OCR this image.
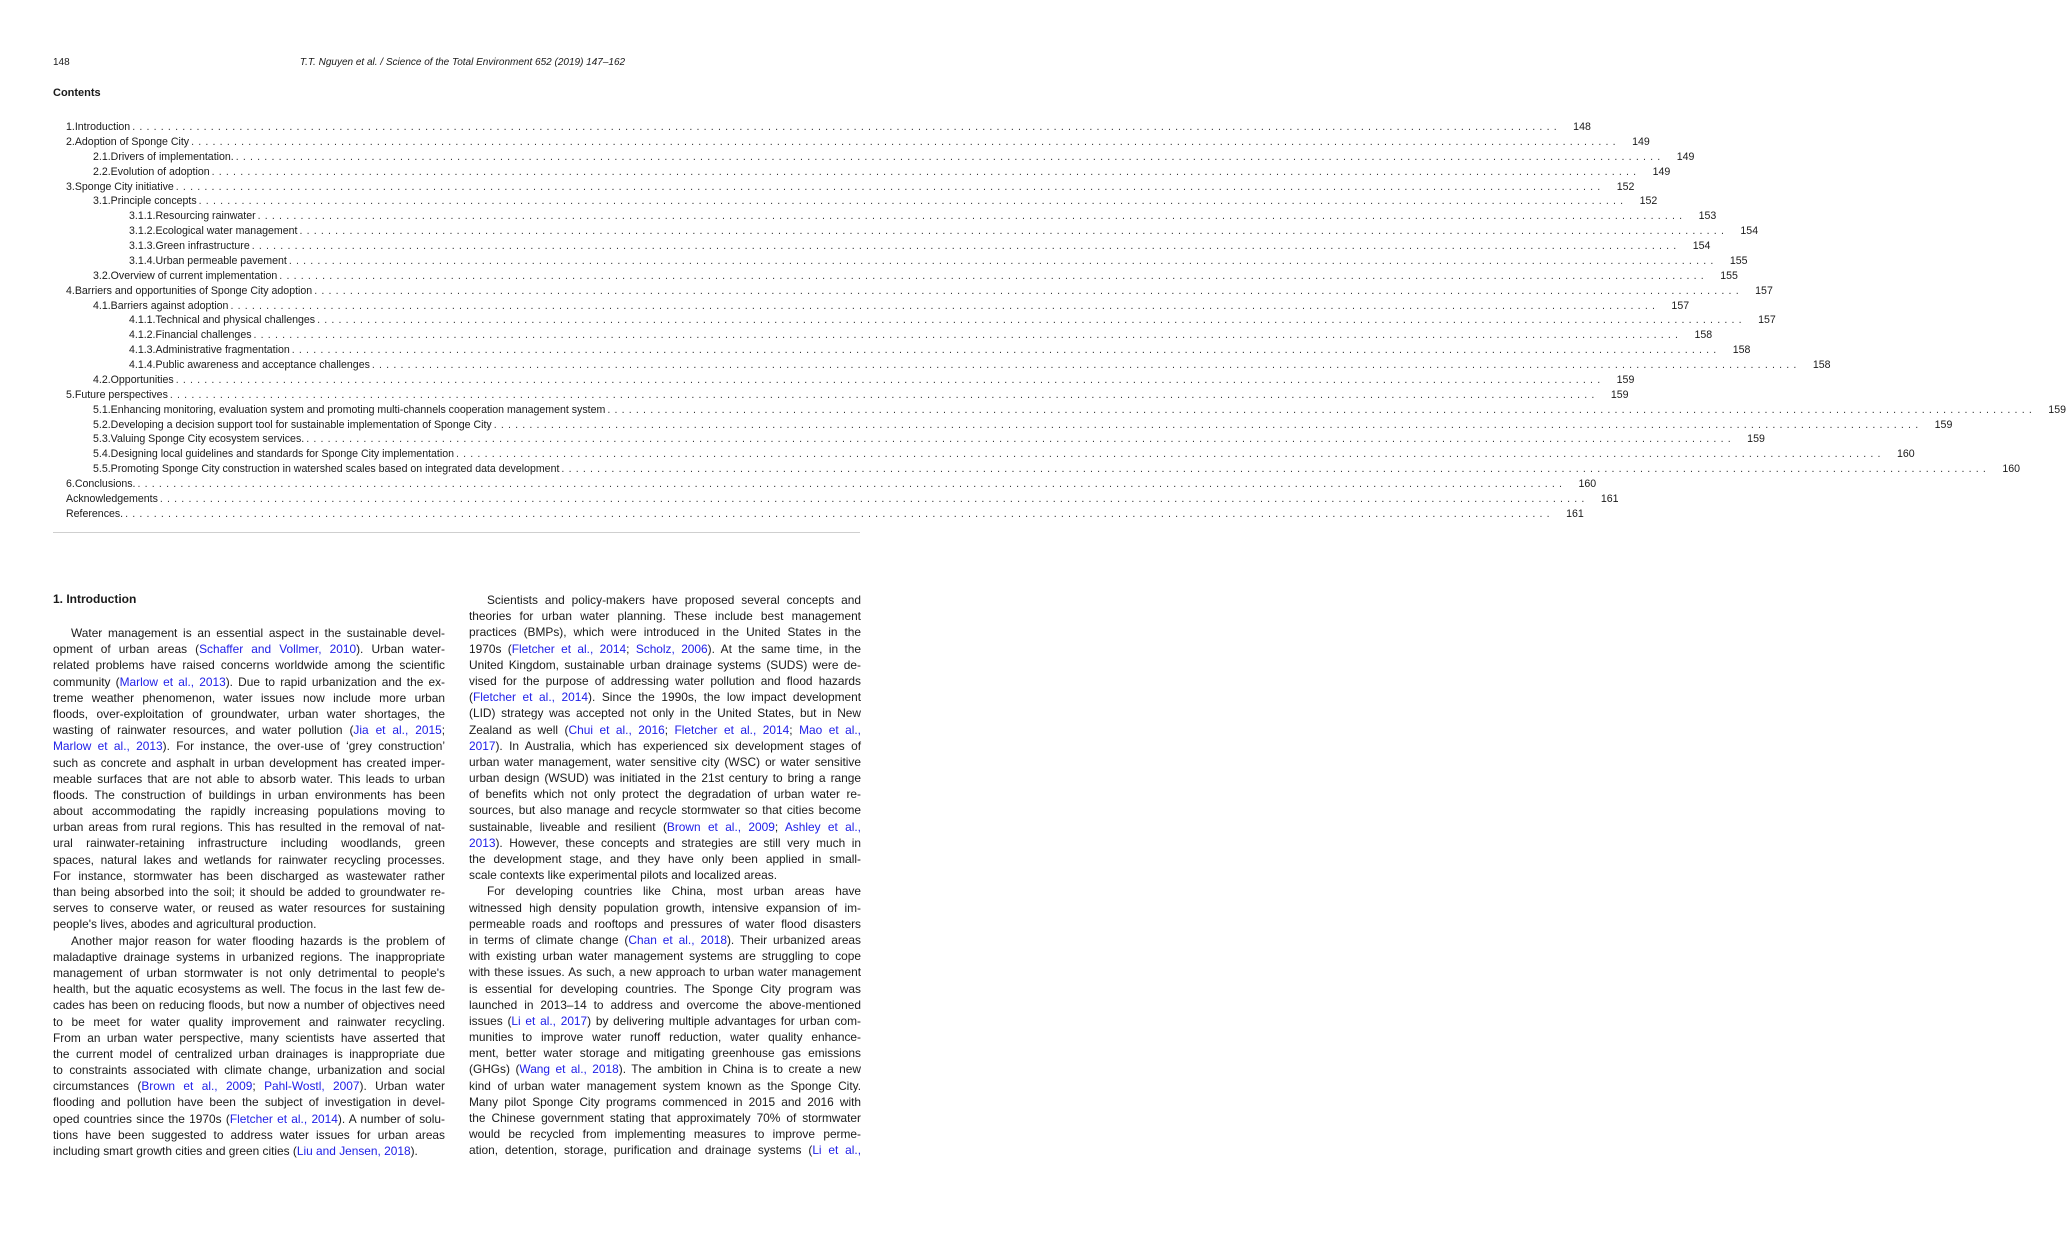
148	T.T. Nguyen et al. / Science of the Total Environment 652 (2019) 147–162
Contents
1. Introduction ........................................................................................................................................................................................................	148
2. Adoption of Sponge City ........................................................................................................................................................................................................	149
2.1. Drivers of implementation. ........................................................................................................................................................................................................	149
2.2. Evolution of adoption ........................................................................................................................................................................................................	149
3. Sponge City initiative ........................................................................................................................................................................................................	152
3.1. Principle concepts ........................................................................................................................................................................................................	152
3.1.1. Resourcing rainwater ........................................................................................................................................................................................................	153
3.1.2. Ecological water management ........................................................................................................................................................................................................	154
3.1.3. Green infrastructure ........................................................................................................................................................................................................	154
3.1.4. Urban permeable pavement ........................................................................................................................................................................................................	155
3.2. Overview of current implementation ........................................................................................................................................................................................................	155
4. Barriers and opportunities of Sponge City adoption ........................................................................................................................................................................................................	157
4.1. Barriers against adoption ........................................................................................................................................................................................................	157
4.1.1. Technical and physical challenges ........................................................................................................................................................................................................	157
4.1.2. Financial challenges ........................................................................................................................................................................................................	158
4.1.3. Administrative fragmentation ........................................................................................................................................................................................................	158
4.1.4. Public awareness and acceptance challenges ........................................................................................................................................................................................................	158
4.2. Opportunities ........................................................................................................................................................................................................	159
5. Future perspectives ........................................................................................................................................................................................................	159
5.1. Enhancing monitoring, evaluation system and promoting multi-channels cooperation management system ........................................................................................................................................................................................................	159
5.2. Developing a decision support tool for sustainable implementation of Sponge City ........................................................................................................................................................................................................	159
5.3. Valuing Sponge City ecosystem services. ........................................................................................................................................................................................................	159
5.4. Designing local guidelines and standards for Sponge City implementation ........................................................................................................................................................................................................	160
5.5. Promoting Sponge City construction in watershed scales based on integrated data development ........................................................................................................................................................................................................	160
6. Conclusions. ........................................................................................................................................................................................................	160
Acknowledgements ........................................................................................................................................................................................................	161
References. ........................................................................................................................................................................................................	161
1. Introduction
Water management is an essential aspect in the sustainable devel-
opment of urban areas (Schaffer and Vollmer, 2010). Urban water-
related problems have raised concerns worldwide among the scientific
community (Marlow et al., 2013). Due to rapid urbanization and the ex-
treme weather phenomenon, water issues now include more urban
floods, over-exploitation of groundwater, urban water shortages, the
wasting of rainwater resources, and water pollution (Jia et al., 2015;
Marlow et al., 2013). For instance, the over-use of ‘grey construction’
such as concrete and asphalt in urban development has created imper-
meable surfaces that are not able to absorb water. This leads to urban
floods. The construction of buildings in urban environments has been
about accommodating the rapidly increasing populations moving to
urban areas from rural regions. This has resulted in the removal of nat-
ural rainwater-retaining infrastructure including woodlands, green
spaces, natural lakes and wetlands for rainwater recycling processes.
For instance, stormwater has been discharged as wastewater rather
than being absorbed into the soil; it should be added to groundwater re-
serves to conserve water, or reused as water resources for sustaining
people's lives, abodes and agricultural production.
Another major reason for water flooding hazards is the problem of
maladaptive drainage systems in urbanized regions. The inappropriate
management of urban stormwater is not only detrimental to people's
health, but the aquatic ecosystems as well. The focus in the last few de-
cades has been on reducing floods, but now a number of objectives need
to be meet for water quality improvement and rainwater recycling.
From an urban water perspective, many scientists have asserted that
the current model of centralized urban drainages is inappropriate due
to constraints associated with climate change, urbanization and social
circumstances (Brown et al., 2009; Pahl-Wostl, 2007). Urban water
flooding and pollution have been the subject of investigation in devel-
oped countries since the 1970s (Fletcher et al., 2014). A number of solu-
tions have been suggested to address water issues for urban areas
including smart growth cities and green cities (Liu and Jensen, 2018).
Scientists and policy-makers have proposed several concepts and
theories for urban water planning. These include best management
practices (BMPs), which were introduced in the United States in the
1970s (Fletcher et al., 2014; Scholz, 2006). At the same time, in the
United Kingdom, sustainable urban drainage systems (SUDS) were de-
vised for the purpose of addressing water pollution and flood hazards
(Fletcher et al., 2014). Since the 1990s, the low impact development
(LID) strategy was accepted not only in the United States, but in New
Zealand as well (Chui et al., 2016; Fletcher et al., 2014; Mao et al.,
2017). In Australia, which has experienced six development stages of
urban water management, water sensitive city (WSC) or water sensitive
urban design (WSUD) was initiated in the 21st century to bring a range
of benefits which not only protect the degradation of urban water re-
sources, but also manage and recycle stormwater so that cities become
sustainable, liveable and resilient (Brown et al., 2009; Ashley et al.,
2013). However, these concepts and strategies are still very much in
the development stage, and they have only been applied in small-
scale contexts like experimental pilots and localized areas.
For developing countries like China, most urban areas have
witnessed high density population growth, intensive expansion of im-
permeable roads and rooftops and pressures of water flood disasters
in terms of climate change (Chan et al., 2018). Their urbanized areas
with existing urban water management systems are struggling to cope
with these issues. As such, a new approach to urban water management
is essential for developing countries. The Sponge City program was
launched in 2013–14 to address and overcome the above-mentioned
issues (Li et al., 2017) by delivering multiple advantages for urban com-
munities to improve water runoff reduction, water quality enhance-
ment, better water storage and mitigating greenhouse gas emissions
(GHGs) (Wang et al., 2018). The ambition in China is to create a new
kind of urban water management system known as the Sponge City.
Many pilot Sponge City programs commenced in 2015 and 2016 with
the Chinese government stating that approximately 70% of stormwater
would be recycled from implementing measures to improve perme-
ation, detention, storage, purification and drainage systems (Li et al.,
